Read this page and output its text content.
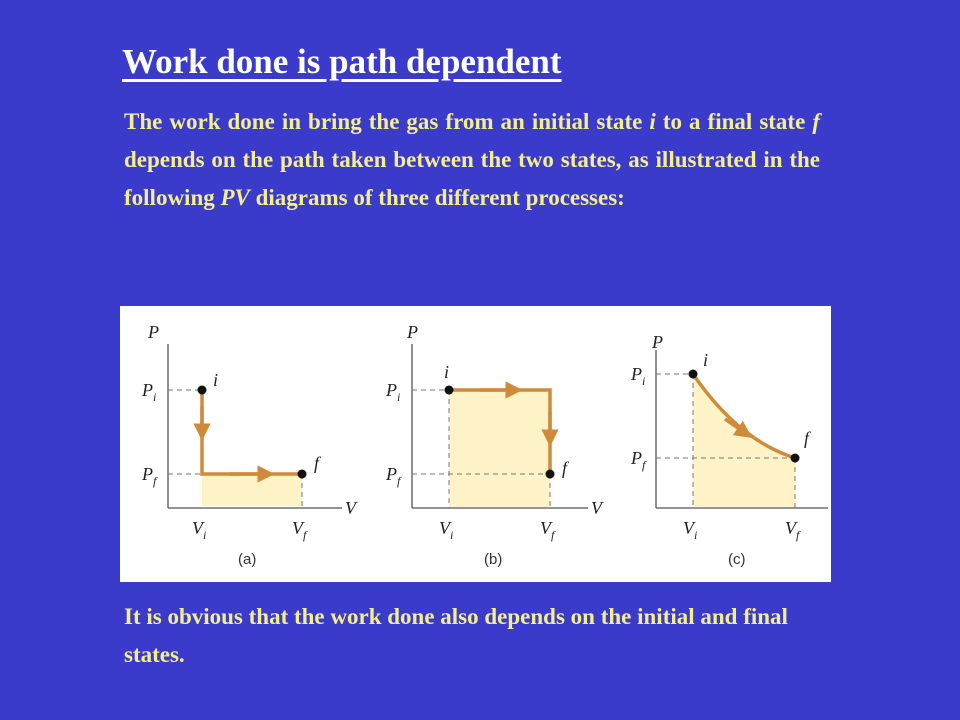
Work done is path dependent

The work done in bring the gas from an initial state i to a final state f depends on the path taken between the two states, as illustrated in the following PV diagrams of three different processes:

P
V
$P_i$
$P_f$
$V_i$	$V_f$
i
f
(a)
P
V
$P_i$
$P_f$
$V_i$	$V_f$
i
f
(b)
P
$P_i$
$P_f$
$V_i$	$V_f$
i
f
(c)

It is obvious that the work done also depends on the initial and final states.
